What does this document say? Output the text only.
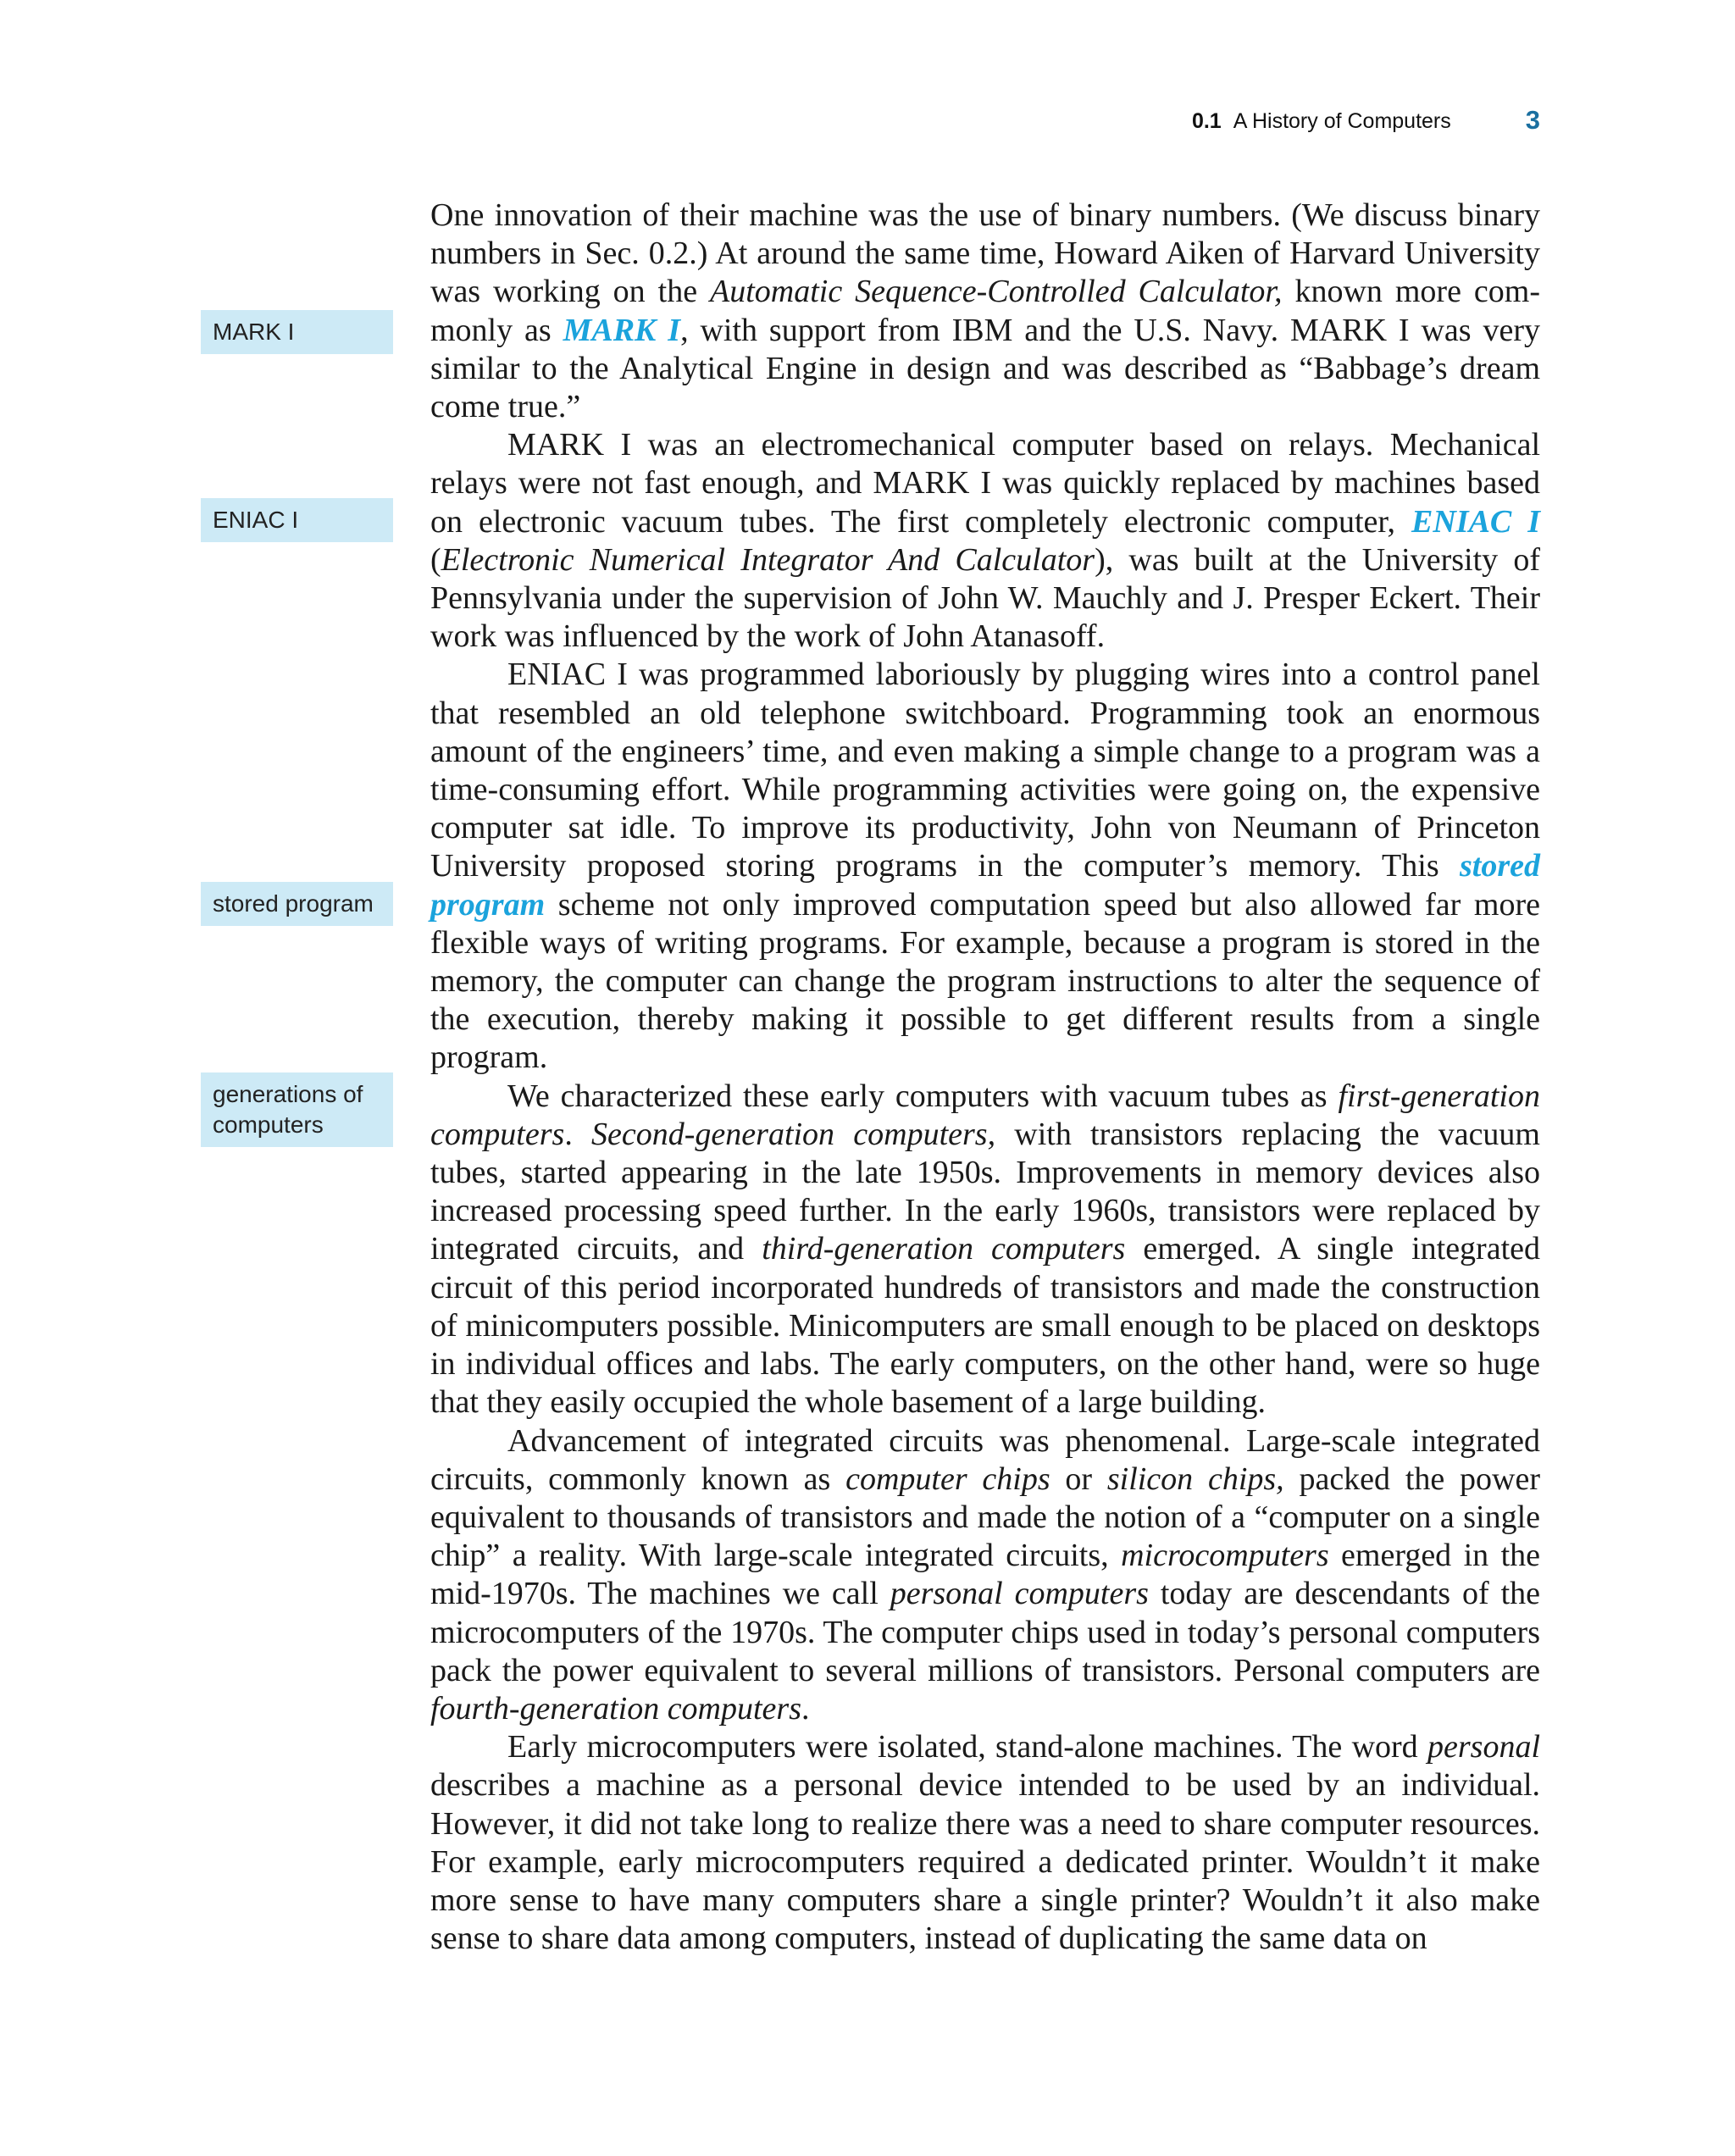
0.1 A History of Computers	3
MARK I
ENIAC I
stored program
generations of computers

One innovation of their machine was the use of binary numbers. (We discuss binary numbers in Sec. 0.2.) At around the same time, Howard Aiken of Harvard University was working on the Automatic Sequence-Controlled Calculator, known more commonly as MARK I, with support from IBM and the U.S. Navy. MARK I was very similar to the Analytical Engine in design and was described as “Babbage’s dream come true.”

MARK I was an electromechanical computer based on relays. Mechanical relays were not fast enough, and MARK I was quickly replaced by machines based on electronic vacuum tubes. The first completely electronic computer, ENIAC I (Electronic Numerical Integrator And Calculator), was built at the University of Pennsylvania under the supervision of John W. Mauchly and J. Presper Eckert. Their work was influenced by the work of John Atanasoff.

ENIAC I was programmed laboriously by plugging wires into a control panel that resembled an old telephone switchboard. Programming took an enormous amount of the engineers’ time, and even making a simple change to a program was a time-consuming effort. While programming activities were going on, the expensive computer sat idle. To improve its productivity, John von Neumann of Princeton University proposed storing programs in the computer’s memory. This stored program scheme not only improved computation speed but also allowed far more flexible ways of writing programs. For example, because a program is stored in the memory, the computer can change the program instructions to alter the sequence of the execution, thereby making it possible to get different results from a single program.

We characterized these early computers with vacuum tubes as first-generation computers. Second-generation computers, with transistors replacing the vacuum tubes, started appearing in the late 1950s. Improvements in memory devices also increased processing speed further. In the early 1960s, transistors were replaced by integrated circuits, and third-generation computers emerged. A single integrated circuit of this period incorporated hundreds of transistors and made the construction of minicomputers possible. Minicomputers are small enough to be placed on desktops in individual offices and labs. The early computers, on the other hand, were so huge that they easily occupied the whole basement of a large building.

Advancement of integrated circuits was phenomenal. Large-scale integrated circuits, commonly known as computer chips or silicon chips, packed the power equivalent to thousands of transistors and made the notion of a “computer on a single chip” a reality. With large-scale integrated circuits, microcomputers emerged in the mid-1970s. The machines we call personal computers today are descendants of the microcomputers of the 1970s. The computer chips used in today’s personal computers pack the power equivalent to several millions of transistors. Personal computers are fourth-generation computers.

Early microcomputers were isolated, stand-alone machines. The word personal describes a machine as a personal device intended to be used by an individual. However, it did not take long to realize there was a need to share computer resources. For example, early microcomputers required a dedicated printer. Wouldn’t it make more sense to have many computers share a single printer? Wouldn’t it also make sense to share data among computers, instead of duplicating the same data on
